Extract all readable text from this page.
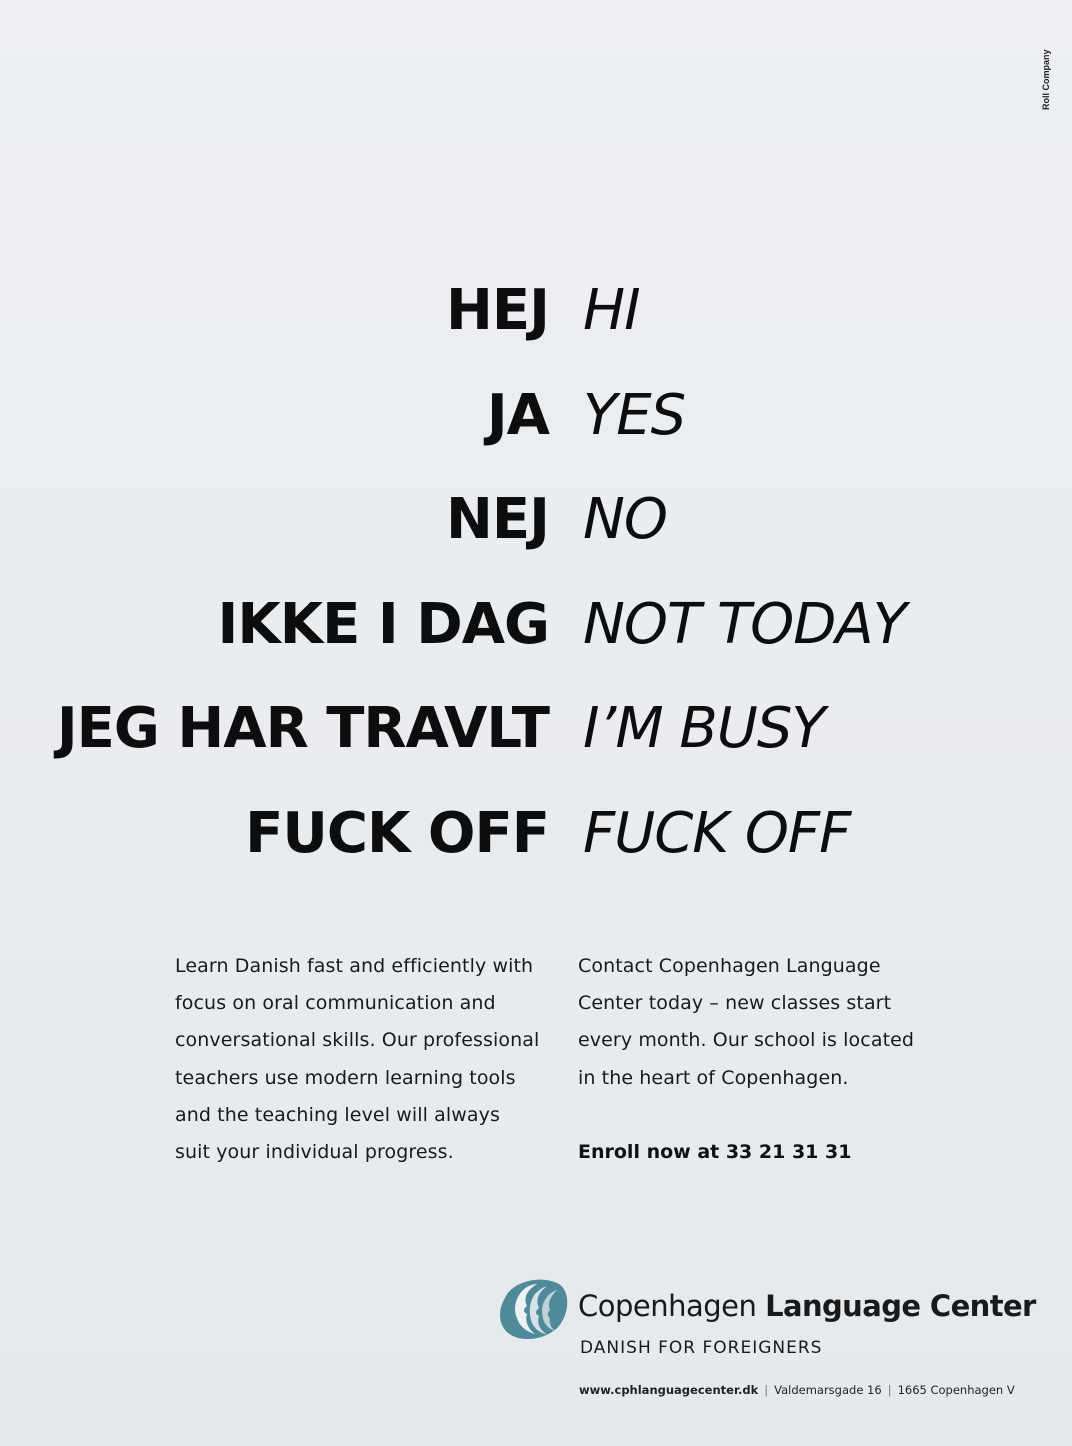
Roll Company
HEJ HI
JA YES
NEJ NO
IKKE I DAG NOT TODAY
JEG HAR TRAVLT I’M BUSY
FUCK OFF FUCK OFF
Learn Danish fast and efficiently with
focus on oral communication and
conversational skills. Our professional
teachers use modern learning tools
and the teaching level will always
suit your individual progress.
Contact Copenhagen Language
Center today – new classes start
every month. Our school is located
in the heart of Copenhagen.
Enroll now at 33 21 31 31
Copenhagen Language Center
DANISH FOR FOREIGNERS
www.cphlanguagecenter.dk | Valdemarsgade 16 | 1665 Copenhagen V
